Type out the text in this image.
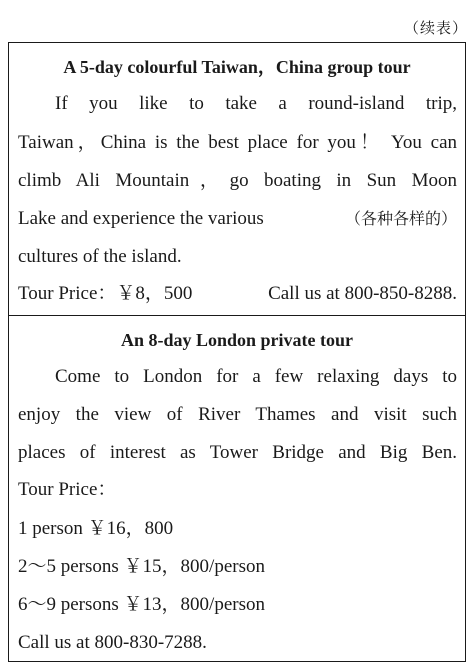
（续表）
A 5-day colourful Taiwan，China group tour
If you like to take a round-island trip,
Taiwan，China is the best place for you！ You can
climb Ali Mountain，go boating in Sun Moon
Lake and experience the various	（各种各样的）
cultures of the island.
Tour Price：￥8，500	Call us at 800-850-8288.
An 8-day London private tour
Come to London for a few relaxing days to
enjoy the view of River Thames and visit such
places of interest as Tower Bridge and Big Ben.
Tour Price：
1 person ￥16，800
2～5 persons ￥15，800/person
6～9 persons ￥13，800/person
Call us at 800-830-7288.
